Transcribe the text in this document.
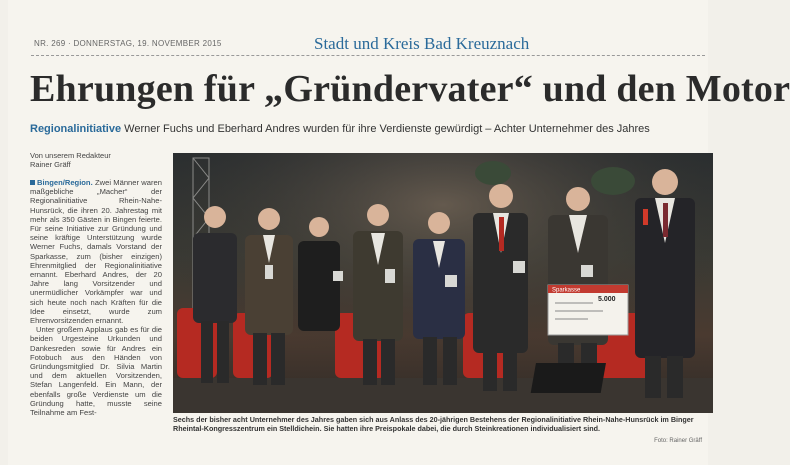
NR. 269 · DONNERSTAG, 19. NOVEMBER 2015	Stadt und Kreis Bad Kreuznach
Ehrungen für „Gründervater“ und den Motor
Regionalinitiative Werner Fuchs und Eberhard Andres wurden für ihre Verdienste gewürdigt – Achter Unternehmer des Jahres
Von unserem Redakteur
Rainer Gräff

Bingen/Region. Zwei Männer waren maßgebliche „Macher“ der Regionalinitiative Rhein-Nahe-Hunsrück, die ihren 20. Jahrestag mit mehr als 350 Gästen in Bingen feierte. Für seine Initiative zur Gründung und seine kräftige Unterstützung wurde Werner Fuchs, damals Vorstand der Sparkasse, zum (bisher einzigen) Ehrenmitglied der Regionalinitiative ernannt. Eberhard Andres, der 20 Jahre lang Vorsitzender und unermüdlicher Vorkämpfer war und sich heute noch nach Kräften für die Idee einsetzt, wurde zum Ehrenvorsitzenden ernannt.

Unter großem Applaus gab es für die beiden Urgesteine Urkunden und Dankesreden sowie für Andres ein Fotobuch aus den Händen von Gründungsmitglied Dr. Silvia Martin und dem aktuellen Vorsitzenden, Stefan Langenfeld. Ein Mann, der ebenfalls große Verdienste um die Gründung hatte, musste seine Teilnahme am Fest-

Sparkasse
5.000
Sechs der bisher acht Unternehmer des Jahres gaben sich aus Anlass des 20-jährigen Bestehens der Regionalinitiative Rhein-Nahe-Hunsrück im Binger Rheintal-Kongresszentrum ein Stelldichein. Sie hatten ihre Preispokale dabei, die durch Steinkreationen individualisiert sind.
Foto: Rainer Gräff
